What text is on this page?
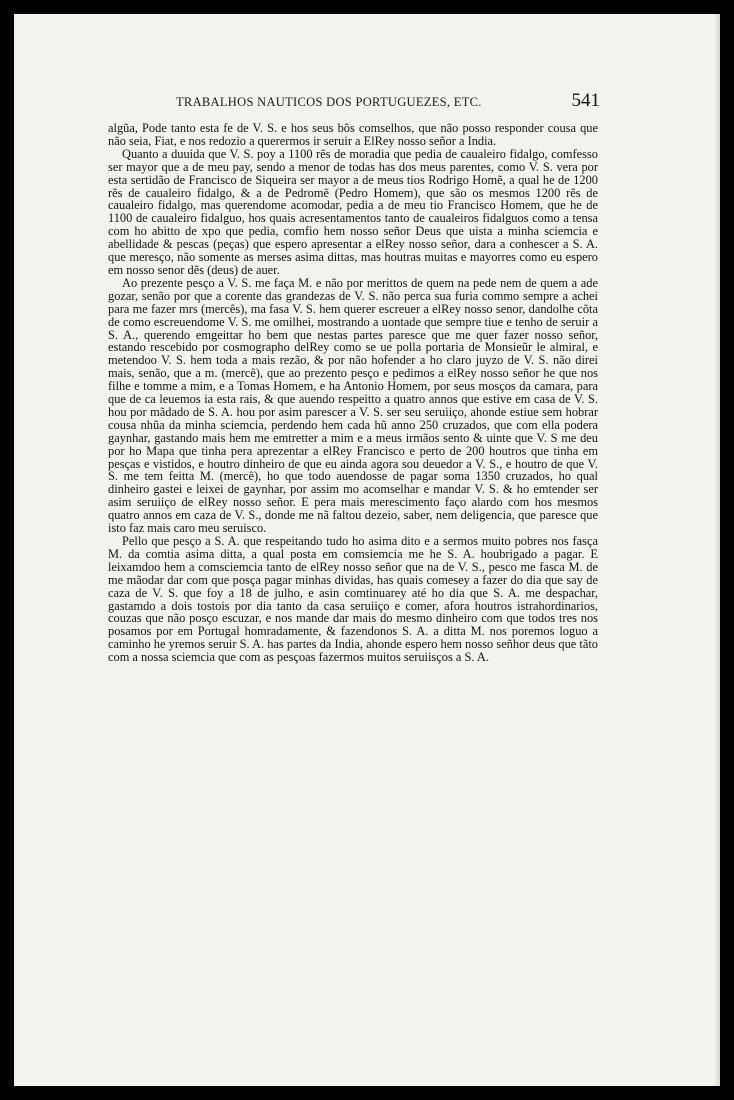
TRABALHOS NAUTICOS DOS PORTUGUEZES, ETC.	541

algũa, Pode tanto esta fe de V. S. e hos seus bõs comselhos, que não posso responder cousa que não seia, Fiat, e nos redozio a querermos ir seruir a ElRey nosso señor a India.

Quanto a duuida que V. S. poy a 1100 rẽs de moradia que pedia de caualeiro fidalgo, comfesso ser mayor que a de meu pay, sendo a menor de todas has dos meus parentes, como V. S. vera por esta sertidão de Francisco de Siqueira ser mayor a de meus tios Rodrigo Homẽ, a qual he de 1200 rẽs de caualeiro fidalgo, & a de Pedromẽ (Pedro Homem), que são os mesmos 1200 rẽs de caualeiro fidalgo, mas querendome acomodar, pedia a de meu tio Francisco Homem, que he de 1100 de caualeiro fidalguo, hos quais acresentamentos tanto de caualeiros fidalguos como a tensa com ho abitto de xpo que pedia, comfio hem nosso señor Deus que uista a minha sciemcia e abellidade & pescas (peças) que espero apresentar a elRey nosso señor, dara a conhescer a S. A. que meresço, não somente as merses asima dittas, mas houtras muitas e mayorres como eu espero em nosso senor dẽs (deus) de auer.

Ao prezente pesço a V. S. me faça M. e não por merittos de quem na pede nem de quem a ade gozar, senão por que a corente das grandezas de V. S. não perca sua furia commo sempre a achei para me fazer mrs (mercês), ma fasa V. S. hem querer escreuer a elRey nosso senor, dandolhe cõta de como escreuendome V. S. me omilhei, mostrando a uontade que sempre tiue e tenho de seruir a S. A., querendo emgeittar ho bem que nestas partes paresce que me quer fazer nosso señor, estando rescebido por cosmographo delRey como se ue polla portaria de Monsieũr le almiral, e metendoo V. S. hem toda a mais rezão, & por não hofender a ho claro juyzo de V. S. não direi mais, senão, que a m. (mercê), que ao prezento pesço e pedimos a elRey nosso señor he que nos filhe e tomme a mim, e a Tomas Homem, e ha Antonio Homem, por seus mosços da camara, para que de ca leuemos ia esta rais, & que auendo respeitto a quatro annos que estive em casa de V. S. hou por mãdado de S. A. hou por asim parescer a V. S. ser seu seruiiço, ahonde estiue sem hobrar cousa nhũa da minha sciemcia, perdendo hem cada hũ anno 250 cruzados, que com ella podera gaynhar, gastando mais hem me emtretter a mim e a meus irmãos sento & uinte que V. S me deu por ho Mapa que tinha pera aprezentar a elRey Francisco e perto de 200 houtros que tinha em pesças e vistidos, e houtro dinheiro de que eu ainda agora sou deuedor a V. S., e houtro de que V. S. me tem feitta M. (mercê), ho que todo auendosse de pagar soma 1350 cruzados, ho qual dinheiro gastei e leixei de gaynhar, por assim mo acomselhar e mandar V. S. & ho emtender ser asim seruiiço de elRey nosso señor. E pera mais merescimento faço alardo com hos mesmos quatro annos em caza de V. S., donde me nã faltou dezeio, saber, nem deligencia, que paresce que isto faz mais caro meu seruisco.

Pello que pesço a S. A. que respeitando tudo ho asima dito e a sermos muito pobres nos fasça M. da comtia asima ditta, a qual posta em comsiemcia me he S. A. houbrigado a pagar. E leixamdoo hem a comsciemcia tanto de elRey nosso señor que na de V. S., pesco me fasca M. de me mãodar dar com que posça pagar minhas dividas, has quais comesey a fazer do dia que say de caza de V. S. que foy a 18 de julho, e asin comtinuarey até ho dia que S. A. me despachar, gastamdo a dois tostois por dia tanto da casa seruiiço e comer, afora houtros istrahordinarios, couzas que não posço escuzar, e nos mande dar mais do mesmo dinheiro com que todos tres nos posamos por em Portugal homradamente, & fazendonos S. A. a ditta M. nos poremos loguo a caminho he yremos seruir S. A. has partes da India, ahonde espero hem nosso señhor deus que tãto com a nossa sciemcia que com as pesçoas fazermos muitos seruiisços a S. A.
